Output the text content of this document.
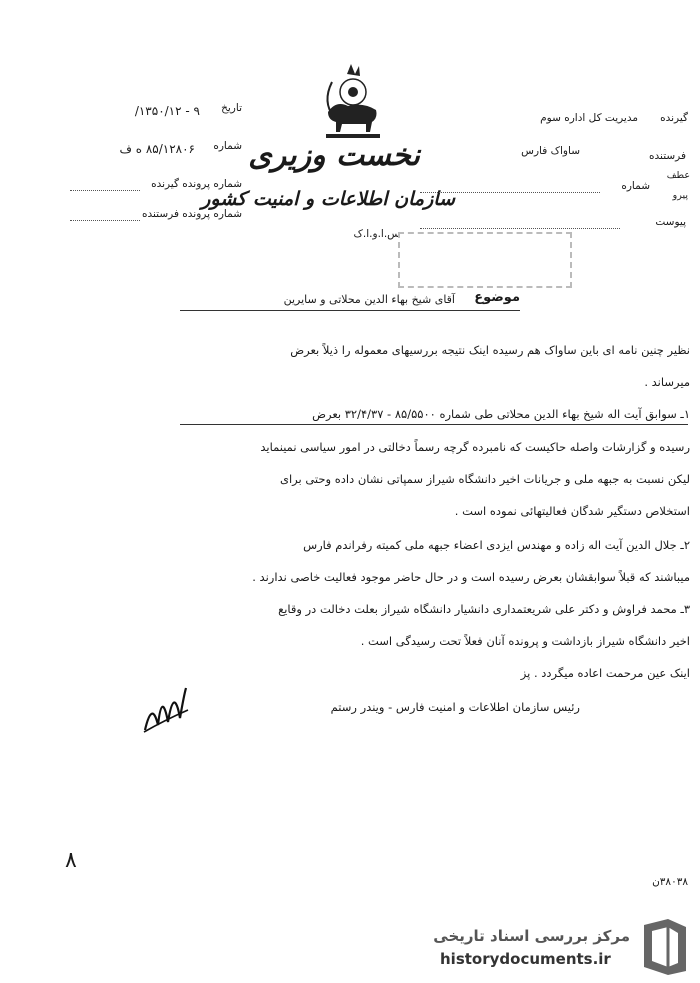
نخست وزیری
سازمان اطلاعات و امنیت کشور
س.ا.و.ا.ک
گیرنده
مدیریت کل اداره سوم
فرستنده
ساواک فارس
شماره
عطف
پیرو
پیوست
تاریخ
۹ - ۱۳۵۰/۱۲/
شماره
۸۵/۱۲۸۰۶ ه ف
شماره پرونده گیرنده
شماره پرونده فرستنده
موضوع
آقای شیخ بهاء الدین محلاتی و سایرین
نظیر چنین نامه ای باین ساواک هم رسیده اینک نتیجه بررسیهای معموله را ذیلاً بعرض
میرساند .
۱ـ سوابق آیت اله شیخ بهاء الدین محلاتی طی شماره ۸۵/۵۵۰۰ - ۳۲/۴/۳۷ بعرض
رسیده و گزارشات واصله حاکیست که نامبرده گرچه رسماً دخالتی در امور سیاسی نمینماید
لیکن نسبت به جبهه ملی و جریانات اخیر دانشگاه شیراز سمپاتی نشان داده وحتی برای
استخلاص دستگیر شدگان فعالیتهائی نموده است .
۲ـ جلال الدین آیت اله زاده و مهندس ایزدی اعضاء جبهه ملی کمیته رفراندم فارس
میباشند که قبلاً سوابقشان بعرض رسیده است و در حال حاضر موجود فعالیت خاصی ندارند .
۳ـ محمد فراوش و دکتر علی شریعتمداری دانشیار دانشگاه شیراز بعلت دخالت در وقایع
اخیر دانشگاه شیراز بازداشت و پرونده آنان فعلاً تحت رسیدگی است .
اینک عین مرحمت اعاده میگردد . پز
رئیس سازمان اطلاعات و امنیت فارس - ویندر رستم
٨
۳۸۰۳۸ن
مرکز بررسی اسناد تاریخی
historydocuments.ir
